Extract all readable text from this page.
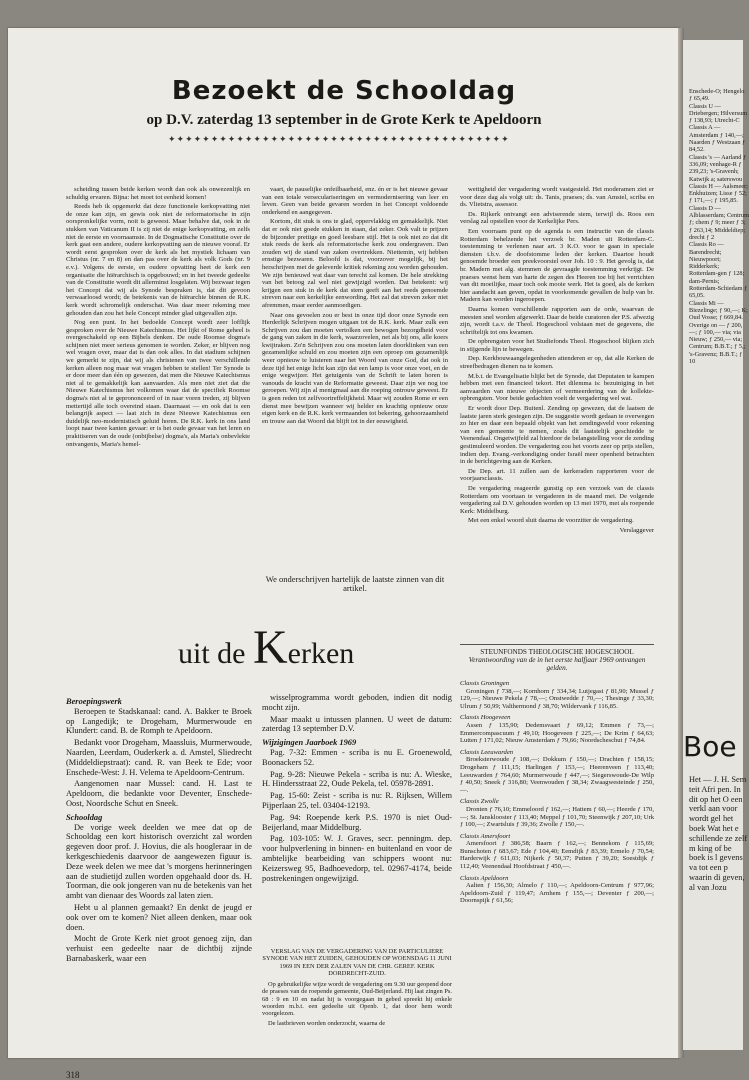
Bezoekt de Schooldag
op D.V. zaterdag 13 september in de Grote Kerk te Apeldoorn
✦✦✦✦✦✦✦✦✦✦✦✦✦✦✦✦✦✦✦✦✦✦✦✦✦✦✦✦✦✦✦✦✦✦✦✦✦✦✦✦

scheiding tussen beide kerken wordt dan ook als onwezenlijk en schuldig ervaren. Bijna: het moet tot eenheid komen!

Reeds heb ik opgemerkt dat deze functionele kerkopvatting niet de onze kan zijn, en gewis ook niet de reformatorische in zijn oorspronkelijke vorm, noit is geweest. Maar behalve dat, ook in de stukken van Vaticanum II is zij niet de enige kerkopvatting, en zelfs niet de eerste en voornaamste. In de Dogmatische Constitutie over de kerk gaat een andere, oudere kerkopvatting aan de nieuwe vooraf. Er wordt eerst gesproken over de kerk als het mystiek lichaam van Christus (nr. 7 en 8) en dan pas over de kerk als volk Gods (nr. 9 e.v.). Volgens de eerste, en oudere opvatting heet de kerk een organisatie die hiërarchisch is opgebouwd; en in het tweede gedeelte van de Constitutie wordt dit allerminst losgelaten. Wij bezwaar tegen het Concept dat wij als Synode bespraken is, dat dit gevoon verwaarloosd wordt; de betekenis van de hiërarchie binnen de R.K. kerk wordt schromelijk onderschat. Was daar meer rekening mee gehouden dan zou het hele Concept minder glad uitgevallen zijn.

Nog een punt. In het bedoelde Concept wordt zeer lofflijk gesproken over de Nieuwe Katechismus. Het lijkt of Rome geheel is overgeschakeld op een Bijbels denken. De oude Roomse dogma's schijnen niet meer serieus genomen te worden. Zeker, er blijven nog wel vragen over, maar dat is dan ook alles. In dat stadium schijnen we gemerkt te zijn, dat wij als christenen van twee verschillende kerken alleen nog maar wat vragen hebben te stellen! Ter Synode is er door meer dan één op gewezen, dat men die Nieuwe Katechismus niet al te gemakkelijk kan aanvaarden. Als men niet ziet dat die Nieuwe Katechismus het volkomen waar dat de specifiek Roomse dogma's niet al te geprononceerd of in naar voren treden, zij blijven mettertijd alle toch overeind staan. Daarnaast — en ook dat is een belangrijk aspect — laat zich in deze Nieuwe Katechismus een duidelijk neo-modernistisch geluid horen. De R.K. kerk in ons land loopt naar twee kanten gevaar: er is het oude gevaar van het leren en prakitiseren van de oude (onbijbelse) dogma's, als Maria's onbevlekte ontvangenis, Maria's hemel-

vaart, de pauselijke onfeilbaarheid, enz. én er is het nieuwe gevaar van een totale verseculariseringen en vermodernisering van leer en leven. Geen van beide gevaren worden in het Concept voldoende onderkend en aangegeven.

Kortom, dit stuk is ons te glad, oppervlakkig en gemakkelijk. Niet dat er ook niet goede stukken in staan, dat zeker. Ook valt te prijzen de bijzonder prettige en goed leesbare stijl. Het is ook niet zo dat dit stuk reeds de kerk als reformatorische kerk zou ondergraven. Dan zouden wij de stand van zaken overtrekken. Niettemin, wij hebben ernstige bezwaren. Beloofd is dat, voorzover mogelijk, bij het herschrijven met de geleverde kritiek rekening zou worden gehouden. We zijn benieuwd wat daar van terecht zal komen. De hele strekking van het betoog zal wel niet gewijzigd worden. Dat betekent: wij krijgen een stuk in de kerk dat stem geeft aan het reeds genoemde streven naar een kerkelijke eenwording. Het zal dat streven zeker niet afremmen, maar eerder aanmoedigen.

Naar ons gevoelen zou er best in onze tijd door onze Synode een Herderlijk Schrijven mogen uitgaan tot de R.K. kerk. Maar zulk een Schrijven zou dan moeten vertolken een bewogen bezorgdheid voor de gang van zaken in die kerk, waarzovelen, net als bij ons, alle koers kwijtraken. Zo'n Schrijven zou ons moeten laten doorklinken van een gezamenlijke schuld en zou moeten zijn een oproep om gezamenlijk weer opnieuw te luisteren naar het Woord van onze God, dat ook in deze tijd het enige licht kan zijn dat een lamp is voor onze voet, en de enige wegwijzer. Het getuigenis van de Schrift te laten horen is vanouds de kracht van de Reformatie geweest. Daar zijn we nog toe geroepen. Wij zijn al menigmaal aan die roeping ontrouw geweest. Er is geen reden tot zelfvoortreffelijkheid. Maar wij zouden Rome er een dienst mee bewijzen wanneer wij helder en krachtig opnieuw onze eigen kerk en de R.K. kerk vermaanden tot bekering, gehoorzaamheid en trouw aan dat Woord dat blijft tot in der eeuwigheid.

We onderschrijven hartelijk de laatste zinnen van dit artikel.

wettigheid der vergadering wordt vastgesteld. Het moderamen ziet er voor deze dag als volgt uit: ds. Tanis, praeses; ds. van Amstel, scriba en ds. Vlietstra, assessor.

Ds. Rijkerk ontvangt een adviserende stem, terwijl ds. Roos een verslag zal opstellen voor de Kerkelijke Pers.

Een voorraam punt op de agenda is een instructie van de classis Rotterdam behelzende het verzoek br. Maden uit Rotterdam-C. toestemming te verlenen naar art. 3 K.O. voor te gaan in speciale diensten t.b.v. de doofstomme leden der kerken. Daartoe houdt genoemde broeder een preekvoorstel over Joh. 10 : 9. Het gevolg is, dat br. Madern met alg. stemmen de gevraagde toestemming verkrijgt. De praeses wenst hem van harte de zegen des Heeren toe bij het verrichten van dit moeilijke, maar toch ook mooie werk. Het is goed, als de kerken hier aandacht aan geven, opdat in voorkomende gevallen de hulp van br. Madern kan worden ingeroepen.

Daarna komen verschillende rapporten aan de orde, waarvan de meesten snel worden afgewerkt. Daar de beide curatoren der P.S. afwezig zijn, wordt t.a.v. de Theol. Hogeschool volstaan met de gegevens, die schriftelijk tot ons kwamen.

De opbrengsten voor het Studiefonds Theol. Hogeschool blijken zich in stijgende lijn te bewegen.

Dep. Kerkbouwaangelegenheden attenderen er op, dat alle Kerken de streefbedragen dienen na te komen.

M.b.t. de Evangelisatie blijkt bet de Synode, dat Deputaten te kampen hebben met een financieel tekort. Het dilemma is: bezuiniging in het aanvaarden van nieuwe objecten of vermeerdering van de kollekte-opbrengsten. Voor beide gedachten voelt de vergadering wel wat.

Er wordt door Dep. Buitenl. Zending op gewezen, dat de laatsen de laatste jaren sterk gestegen zijn. De suggestie wordt gedaan te overwegen zo hier en daar een bepaald objekt van het zendingsveld voor rekening van een gemeente te nemen, zoals dit laatstelijk geschiedde te Veenendaal. Ongetwijfeld zal hierdoor de belangstelling voor de zending gestimuleerd worden. De vergadering zou het voorts zeer op prijs stellen, indien dep. Evang.-verkondiging onder Israël meer openheid betrachten in de berichtgeving aan de Kerken.

De Dep. art. 11 zullen aan de kerkeraden rapporteren voor de voorjaarsclassis.

De vergadering reageerde gunstig op een verzoek van de classis Rotterdam om voortaan te vergaderen in de maand mei. De volgende vergadering zal D.V. gehouden worden op 13 mei 1970, met als roepende Kerk: Middelburg.

Met een enkel woord sluit daarna de voorzitter de vergadering.

Verslaggever
uit de Kerken
Beroepingswerk

Beroepen te Stadskanaal: cand. A. Bakker te Broek op Langedijk; te Drogeham, Murmerwoude en Klundert: cand. B. de Romph te Apeldoorn.

Bedankt voor Drogeham, Maassluis, Murmerwoude, Naarden, Leerdam, Ouderkerk a. d. Amstel, Sliedrecht (Middeldiepstraat): cand. R. van Beek te Ede; voor Enschede-West: J. H. Velema te Apeldoorn-Centrum.

Aangenomen naar Mussel: cand. H. Last te Apeldoorn, die bedankte voor Deventer, Enschede-Oost, Noordsche Schut en Sneek.

Schooldag

De vorige week deelden we mee dat op de Schooldag een kort historisch overzicht zal worden gegeven door prof. J. Hovius, die als hoogleraar in de kerkgeschiedenis daarvoor de aangewezen figuur is. Deze week delen we mee dat 's morgens herinneringen aan de studietijd zullen worden opgehaald door ds. H. Toorman, die ook jongeren van nu de betekenis van het ambt van dienaar des Woords zal laten zien.

Hebt u al plannen gemaakt? En denkt de jeugd er ook over om te komen? Niet alleen denken, maar ook doen.

Mocht de Grote Kerk niet groot genoeg zijn, dan verhuist een gedeelte naar de dichtbij zijnde Barnabaskerk, waar een

wisselprogramma wordt geboden, indien dit nodig mocht zijn.

Maar maakt u intussen plannen. U weet de datum: zaterdag 13 september D.V.

Wijzigingen Jaarboek 1969

Pag. 7-32: Emmen - scriba is nu E. Groenewold, Boonackers 52.

Pag. 9-28: Nieuwe Pekela - scriba is nu: A. Wieske, H. Hindersstraat 22, Oude Pekela, tel. 05978-2891.

Pag. 15-60: Zeist - scriba is nu: R. Rijksen, Willem Pijperlaan 25, tel. 03404-12193.

Pag. 94: Roepende kerk P.S. 1970 is niet Oud-Beijerland, maar Middelburg.

Pag. 103-105: W. J. Graves, secr. penningm. dep. voor hulpverlening in binnen- en buitenland en voor de ambtelijke bearbeiding van schippers woont nu: Keizersweg 95, Badhoevedorp, tel. 02967-4174, beide postrekeningen ongewijzigd.

VERSLAG VAN DE VERGADERING VAN DE PARTICULIERE SYNODE VAN HET ZUIDEN, GEHOUDEN OP WOENSDAG 11 JUNI 1969 IN EEN DER ZALEN VAN DE CHR. GEREF. KERK DORDRECHT-ZUID.

Op gebruikelijke wijze wordt de vergadering om 9.30 uur geopend door de praeses van de roepende gemeente, Oud-Beijerland. Hij laat zingen Ps. 68 : 9 en 10 en nadat hij is voorgegaan in gebed spreekt hij enkele woorden m.b.t. een gedeelte uit Openb. 1, dat door hem wordt voorgelezen.

De lastbrieven worden onderzocht, waarna de

STEUNFONDS THEOLOGISCHE HOGESCHOOL
Verantwoording van de in het eerste halfjaar 1969 ontvangen gelden.
Classis Groningen

Groningen ƒ 738,—; Kornhorn ƒ 334,34; Lutjegast ƒ 81,90; Mussel ƒ 129,—; Nieuwe Pekela ƒ 78,—; Onstwedde ƒ 70,—; Thesinge ƒ 33,30; Ulrum ƒ 50,99; Valthermond ƒ 38,70; Wildervank ƒ 116,85.

Classis Hoogeveen

Assen ƒ 135,90; Dedemsvaart ƒ 69,12; Emmen ƒ 73,—; Emmercompascuum ƒ 49,10; Hoogeveen ƒ 225,—; De Krim ƒ 64,63; Lutten ƒ 171,02; Nieuw Amsterdam ƒ 79,66; Noordscheschut ƒ 74,84.

Classis Leeuwarden

Broeksterwoude ƒ 108,—; Dokkum ƒ 150,—; Drachten ƒ 158,15; Drogeham ƒ 111,15; Harlingen ƒ 153,—; Heerenveen ƒ 113,40; Leeuwarden ƒ 764,60; Murmerwoude ƒ 447,—; Siegerswoude-De Wilp ƒ 40,50; Sneek ƒ 316,80; Veenwouden ƒ 38,34; Zwaagwesteinde ƒ 250,—.

Classis Zwolle

Dronten ƒ 76,10; Emmeloord ƒ 162,—; Hattem ƒ 60,—; Heerde ƒ 170,—; St. Jansklooster ƒ 113,40; Meppel ƒ 101,70; Steenwijk ƒ 207,10; Urk ƒ 100,—; Zwartsluis ƒ 39,36; Zwolle ƒ 150,—.

Classis Amersfoort

Amersfoort ƒ 386,58; Baarn ƒ 162,—; Bennekom ƒ 115,69; Bunschoten ƒ 683,67; Ede ƒ 104,40; Eemdijk ƒ 83,39; Ermelo ƒ 70,54; Harderwijk ƒ 611,03; Nijkerk ƒ 50,37; Putten ƒ 39,20; Soestdijk ƒ 112,40; Veenendaal Hoofdstraat ƒ 450,—.

Classis Apeldoorn

Aalten ƒ 156,30; Almelo ƒ 110,—; Apeldoorn-Centrum ƒ 977,96; Apeldoorn-Zuid ƒ 119,47; Arnhem ƒ 155,—; Deventer ƒ 200,—; Doornspijk ƒ 61,56;

318
Enschede-O; Hengelo ƒ 65,49.
Classis U — Driebergen; Hilversum ƒ 138,93; Utrecht-C
Classis A — Amsterdam ƒ 140,—; Naarden ƒ Westzaan ƒ 84,52.
Classis 's — Aarland ƒ 336,09; venhage-R ƒ 239,23; 's-Gravenh; Katwijk a; saterswou
Classis H — Aalsmeer; Enkhuizen; Lisse ƒ 52; ƒ 171,—; ƒ 195,85.
Classis D — Alblasserdam; Centrum ƒ; chem ƒ 9; meer ƒ 3; ƒ 263,14; Middeldiep; drecht ƒ 2
Classis Ro — Barendrecht; Nieuwpoort; Ridderkerk; Rotterdam-gen ƒ 128; dam-Pernis; Rotterdam-Schiedam ƒ 65,05.
Classis Mi — Biezelinge; ƒ 90,—; K; Oud Vosse; ƒ 669,84.
Overige on — ƒ 200,—; ƒ 100,— via; via Nieuw; ƒ 250,— via; Centrum; B.B.T.; ƒ 5,; 's-Gravenz; B.B.T.; ƒ 10
Boe
Het — J. H. Sem teit Afri pen. In dit op het O een verkl aan voor wordt gel het boek Wat het e schillende ze zelf m king of be boek is l gevens va tot een p waarin di geven, al van Jozu
